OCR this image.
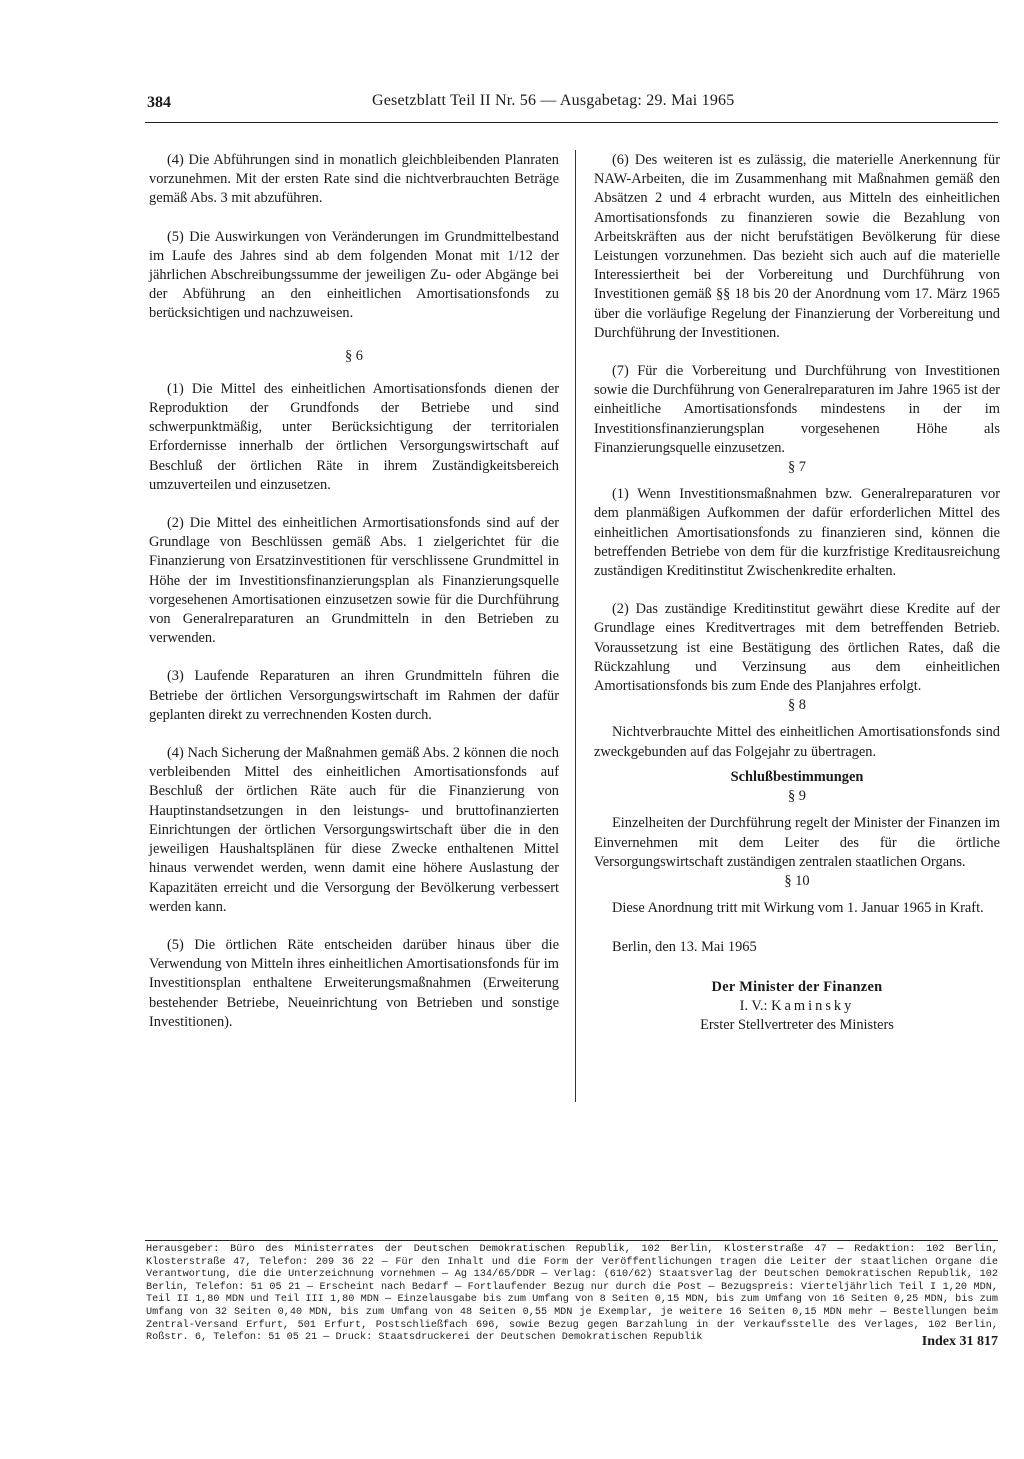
384	Gesetzblatt Teil II Nr. 56 — Ausgabetag: 29. Mai 1965

(4) Die Abführungen sind in monatlich gleichbleibenden Planraten vorzunehmen. Mit der ersten Rate sind die nichtverbrauchten Beträge gemäß Abs. 3 mit abzuführen.

(5) Die Auswirkungen von Veränderungen im Grundmittelbestand im Laufe des Jahres sind ab dem folgenden Monat mit 1/12 der jährlichen Abschreibungssumme der jeweiligen Zu- oder Abgänge bei der Abführung an den einheitlichen Amortisationsfonds zu berücksichtigen und nachzuweisen.

§ 6

(1) Die Mittel des einheitlichen Amortisationsfonds dienen der Reproduktion der Grundfonds der Betriebe und sind schwerpunktmäßig, unter Berücksichtigung der territorialen Erfordernisse innerhalb der örtlichen Versorgungswirtschaft auf Beschluß der örtlichen Räte in ihrem Zuständigkeitsbereich umzuverteilen und einzusetzen.

(2) Die Mittel des einheitlichen Armortisationsfonds sind auf der Grundlage von Beschlüssen gemäß Abs. 1 zielgerichtet für die Finanzierung von Ersatzinvestitionen für verschlissene Grundmittel in Höhe der im Investitionsfinanzierungsplan als Finanzierungsquelle vorgesehenen Amortisationen einzusetzen sowie für die Durchführung von Generalreparaturen an Grundmitteln in den Betrieben zu verwenden.

(3) Laufende Reparaturen an ihren Grundmitteln führen die Betriebe der örtlichen Versorgungswirtschaft im Rahmen der dafür geplanten direkt zu verrechnenden Kosten durch.

(4) Nach Sicherung der Maßnahmen gemäß Abs. 2 können die noch verbleibenden Mittel des einheitlichen Amortisationsfonds auf Beschluß der örtlichen Räte auch für die Finanzierung von Hauptinstandsetzungen in den leistungs- und bruttofinanzierten Einrichtungen der örtlichen Versorgungswirtschaft über die in den jeweiligen Haushaltsplänen für diese Zwecke enthaltenen Mittel hinaus verwendet werden, wenn damit eine höhere Auslastung der Kapazitäten erreicht und die Versorgung der Bevölkerung verbessert werden kann.

(5) Die örtlichen Räte entscheiden darüber hinaus über die Verwendung von Mitteln ihres einheitlichen Amortisationsfonds für im Investitionsplan enthaltene Erweiterungsmaßnahmen (Erweiterung bestehender Betriebe, Neueinrichtung von Betrieben und sonstige Investitionen).

(6) Des weiteren ist es zulässig, die materielle Anerkennung für NAW-Arbeiten, die im Zusammenhang mit Maßnahmen gemäß den Absätzen 2 und 4 erbracht wurden, aus Mitteln des einheitlichen Amortisationsfonds zu finanzieren sowie die Bezahlung von Arbeitskräften aus der nicht berufstätigen Bevölkerung für diese Leistungen vorzunehmen. Das bezieht sich auch auf die materielle Interessiertheit bei der Vorbereitung und Durchführung von Investitionen gemäß §§ 18 bis 20 der Anordnung vom 17. März 1965 über die vorläufige Regelung der Finanzierung der Vorbereitung und Durchführung der Investitionen.

(7) Für die Vorbereitung und Durchführung von Investitionen sowie die Durchführung von Generalreparaturen im Jahre 1965 ist der einheitliche Amortisationsfonds mindestens in der im Investitionsfinanzierungsplan vorgesehenen Höhe als Finanzierungsquelle einzusetzen.

§ 7

(1) Wenn Investitionsmaßnahmen bzw. Generalreparaturen vor dem planmäßigen Aufkommen der dafür erforderlichen Mittel des einheitlichen Amortisationsfonds zu finanzieren sind, können die betreffenden Betriebe von dem für die kurzfristige Kreditausreichung zuständigen Kreditinstitut Zwischenkredite erhalten.

(2) Das zuständige Kreditinstitut gewährt diese Kredite auf der Grundlage eines Kreditvertrages mit dem betreffenden Betrieb. Voraussetzung ist eine Bestätigung des örtlichen Rates, daß die Rückzahlung und Verzinsung aus dem einheitlichen Amortisationsfonds bis zum Ende des Planjahres erfolgt.

§ 8

Nichtverbrauchte Mittel des einheitlichen Amortisationsfonds sind zweckgebunden auf das Folgejahr zu übertragen.

Schlußbestimmungen

§ 9

Einzelheiten der Durchführung regelt der Minister der Finanzen im Einvernehmen mit dem Leiter des für die örtliche Versorgungswirtschaft zuständigen zentralen staatlichen Organs.

§ 10

Diese Anordnung tritt mit Wirkung vom 1. Januar 1965 in Kraft.

Berlin, den 13. Mai 1965

Der Minister der Finanzen
I. V.: Kaminsky
Erster Stellvertreter des Ministers
Herausgeber: Büro des Ministerrates der Deutschen Demokratischen Republik, 102 Berlin, Klosterstraße 47 — Redaktion: 102 Berlin, Klosterstraße 47, Telefon: 209 36 22 — Für den Inhalt und die Form der Veröffentlichungen tragen die Leiter der staatlichen Organe die Verantwortung, die die Unterzeichnung vornehmen — Ag 134/65/DDR — Verlag: (610/62) Staatsverlag der Deutschen Demokratischen Republik, 102 Berlin, Telefon: 51 05 21 — Erscheint nach Bedarf — Fortlaufender Bezug nur durch die Post — Bezugspreis: Vierteljährlich Teil I 1,20 MDN, Teil II 1,80 MDN und Teil III 1,80 MDN — Einzelausgabe bis zum Umfang von 8 Seiten 0,15 MDN, bis zum Umfang von 16 Seiten 0,25 MDN, bis zum Umfang von 32 Seiten 0,40 MDN, bis zum Umfang von 48 Seiten 0,55 MDN je Exemplar, je weitere 16 Seiten 0,15 MDN mehr — Bestellungen beim Zentral-Versand Erfurt, 501 Erfurt, Postschließfach 696, sowie Bezug gegen Barzahlung in der Verkaufsstelle des Verlages, 102 Berlin, Roßstr. 6, Telefon: 51 05 21 — Druck: Staatsdruckerei der Deutschen Demokratischen Republik	Index 31 817
